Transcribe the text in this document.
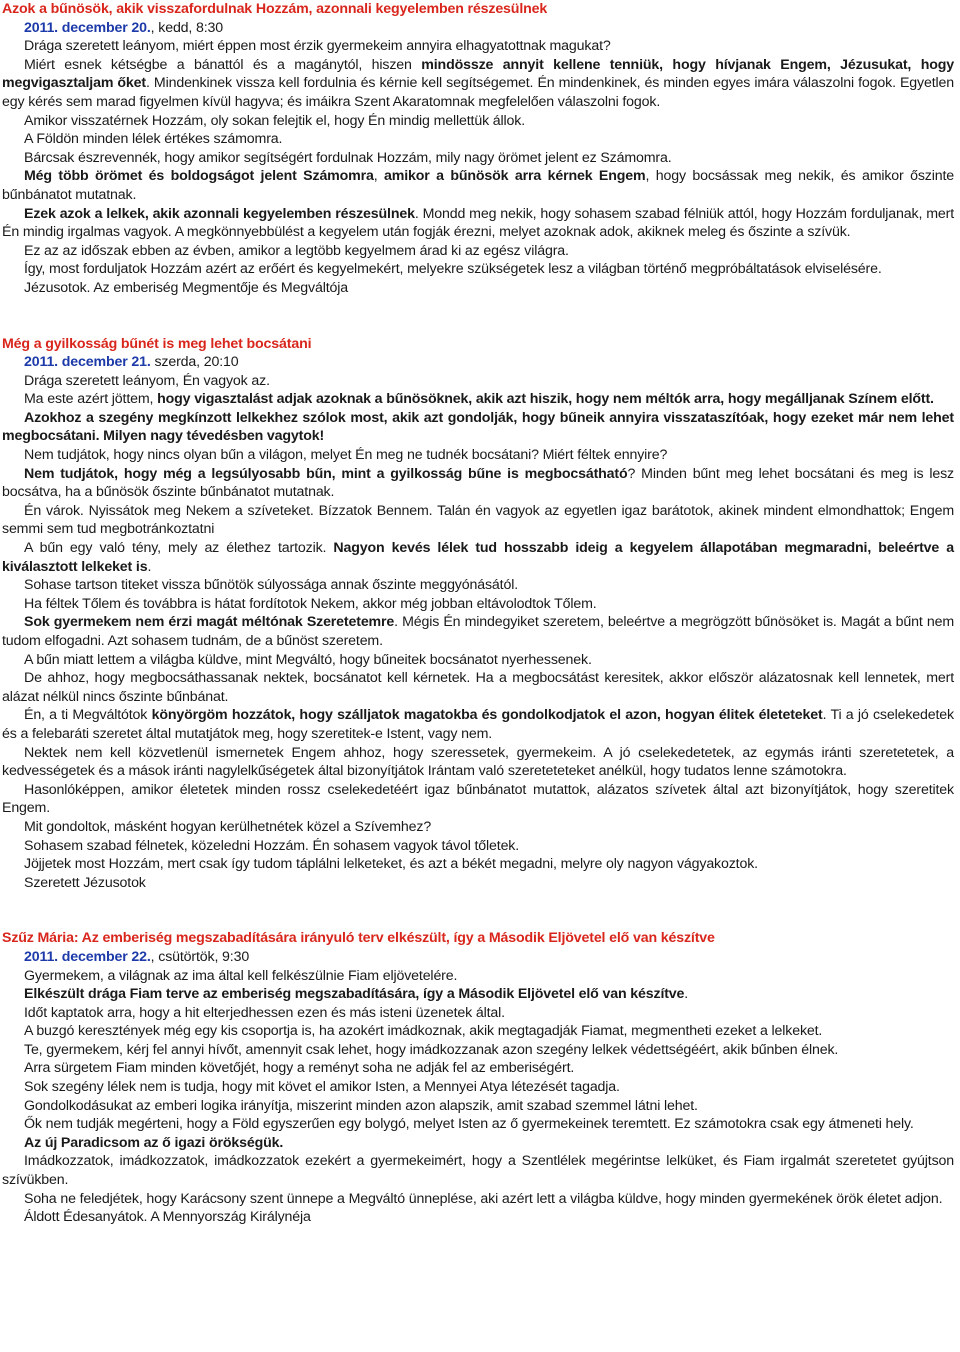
Azok a bűnösök, akik visszafordulnak Hozzám, azonnali kegyelemben részesülnek

2011. december 20., kedd, 8:30

Drága szeretett leányom, miért éppen most érzik gyermekeim annyira elhagyatottnak magukat?

Miért esnek kétségbe a bánattól és a magánytól, hiszen mindössze annyit kellene tenniük, hogy hívjanak Engem, Jézusukat, hogy megvigasztaljam őket. Mindenkinek vissza kell fordulnia és kérnie kell segítségemet. Én mindenkinek, és minden egyes imára válaszolni fogok. Egyetlen egy kérés sem marad figyelmen kívül hagyva; és imáikra Szent Akaratomnak megfelelően válaszolni fogok.

Amikor visszatérnek Hozzám, oly sokan felejtik el, hogy Én mindig mellettük állok.

A Földön minden lélek értékes számomra.

Bárcsak észrevennék, hogy amikor segítségért fordulnak Hozzám, mily nagy örömet jelent ez Számomra.

Még több örömet és boldogságot jelent Számomra, amikor a bűnösök arra kérnek Engem, hogy bocsássak meg nekik, és amikor őszinte bűnbánatot mutatnak.

Ezek azok a lelkek, akik azonnali kegyelemben részesülnek. Mondd meg nekik, hogy sohasem szabad félniük attól, hogy Hozzám forduljanak, mert Én mindig irgalmas vagyok. A megkönnyebbülést a kegyelem után fogják érezni, melyet azoknak adok, akiknek meleg és őszinte a szívük.

Ez az az időszak ebben az évben, amikor a legtöbb kegyelmem árad ki az egész világra.

Így, most forduljatok Hozzám azért az erőért és kegyelmekért, melyekre szükségetek lesz a világban történő megpróbáltatások elviselésére.

Jézusotok. Az emberiség Megmentője és Megváltója

Még a gyilkosság bűnét is meg lehet bocsátani

2011. december 21. szerda, 20:10

Drága szeretett leányom, Én vagyok az.

Ma este azért jöttem, hogy vigasztalást adjak azoknak a bűnösöknek, akik azt hiszik, hogy nem méltók arra, hogy megálljanak Színem előtt.

Azokhoz a szegény megkínzott lelkekhez szólok most, akik azt gondolják, hogy bűneik annyira visszataszítóak, hogy ezeket már nem lehet megbocsátani. Milyen nagy tévedésben vagytok!

Nem tudjátok, hogy nincs olyan bűn a világon, melyet Én meg ne tudnék bocsátani? Miért féltek ennyire?

Nem tudjátok, hogy még a legsúlyosabb bűn, mint a gyilkosság bűne is megbocsátható? Minden bűnt meg lehet bocsátani és meg is lesz bocsátva, ha a bűnösök őszinte bűnbánatot mutatnak.

Én várok. Nyissátok meg Nekem a szíveteket. Bízzatok Bennem. Talán én vagyok az egyetlen igaz barátotok, akinek mindent elmondhattok; Engem semmi sem tud megbotránkoztatni

A bűn egy való tény, mely az élethez tartozik. Nagyon kevés lélek tud hosszabb ideig a kegyelem állapotában megmaradni, beleértve a kiválasztott lelkeket is.

Sohase tartson titeket vissza bűnötök súlyossága annak őszinte meggyónásától.

Ha féltek Tőlem és továbbra is hátat fordítotok Nekem, akkor még jobban eltávolodtok Tőlem.

Sok gyermekem nem érzi magát méltónak Szeretetemre. Mégis Én mindegyiket szeretem, beleértve a megrögzött bűnösöket is. Magát a bűnt nem tudom elfogadni. Azt sohasem tudnám, de a bűnöst szeretem.

A bűn miatt lettem a világba küldve, mint Megváltó, hogy bűneitek bocsánatot nyerhessenek.

De ahhoz, hogy megbocsáthassanak nektek, bocsánatot kell kérnetek. Ha a megbocsátást keresitek, akkor először alázatosnak kell lennetek, mert alázat nélkül nincs őszinte bűnbánat.

Én, a ti Megváltótok könyörgöm hozzátok, hogy szálljatok magatokba és gondolkodjatok el azon, hogyan élitek életeteket. Ti a jó cselekedetek és a felebaráti szeretet által mutatjátok meg, hogy szeretitek-e Istent, vagy nem.

Nektek nem kell közvetlenül ismernetek Engem ahhoz, hogy szeressetek, gyermekeim. A jó cselekedetetek, az egymás iránti szeretetetek, a kedvességetek és a mások iránti nagylelkűségetek által bizonyítjátok Irántam való szereteteteket anélkül, hogy tudatos lenne számotokra.

Hasonlóképpen, amikor életetek minden rossz cselekedetéért igaz bűnbánatot mutattok, alázatos szívetek által azt bizonyítjátok, hogy szeretitek Engem.

Mit gondoltok, másként hogyan kerülhetnétek közel a Szívemhez?

Sohasem szabad félnetek, közeledni Hozzám. Én sohasem vagyok távol tőletek.

Jöjjetek most Hozzám, mert csak így tudom táplálni lelketeket, és azt a békét megadni, melyre oly nagyon vágyakoztok.

Szeretett Jézusotok

Szűz Mária: Az emberiség megszabadítására irányuló terv elkészült, így a Második Eljövetel elő van készítve

2011. december 22., csütörtök, 9:30

Gyermekem, a világnak az ima által kell felkészülnie Fiam eljövetelére.

Elkészült drága Fiam terve az emberiség megszabadítására, így a Második Eljövetel elő van készítve.

Időt kaptatok arra, hogy a hit elterjedhessen ezen és más isteni üzenetek által.

A buzgó keresztények még egy kis csoportja is, ha azokért imádkoznak, akik megtagadják Fiamat, megmentheti ezeket a lelkeket.

Te, gyermekem, kérj fel annyi hívőt, amennyit csak lehet, hogy imádkozzanak azon szegény lelkek védettségéért, akik bűnben élnek.

Arra sürgetem Fiam minden követőjét, hogy a reményt soha ne adják fel az emberiségért.

Sok szegény lélek nem is tudja, hogy mit követ el amikor Isten, a Mennyei Atya létezését tagadja.

Gondolkodásukat az emberi logika irányítja, miszerint minden azon alapszik, amit szabad szemmel látni lehet.

Ők nem tudják megérteni, hogy a Föld egyszerűen egy bolygó, melyet Isten az ő gyermekeinek teremtett. Ez számotokra csak egy átmeneti hely.

Az új Paradicsom az ő igazi örökségük.

Imádkozzatok, imádkozzatok, imádkozzatok ezekért a gyermekeimért, hogy a Szentlélek megérintse lelküket, és Fiam irgalmát szeretetet gyújtson szívükben.

Soha ne feledjétek, hogy Karácsony szent ünnepe a Megváltó ünneplése, aki azért lett a világba küldve, hogy minden gyermekének örök életet adjon.

Áldott Édesanyátok. A Mennyország Királynéja
